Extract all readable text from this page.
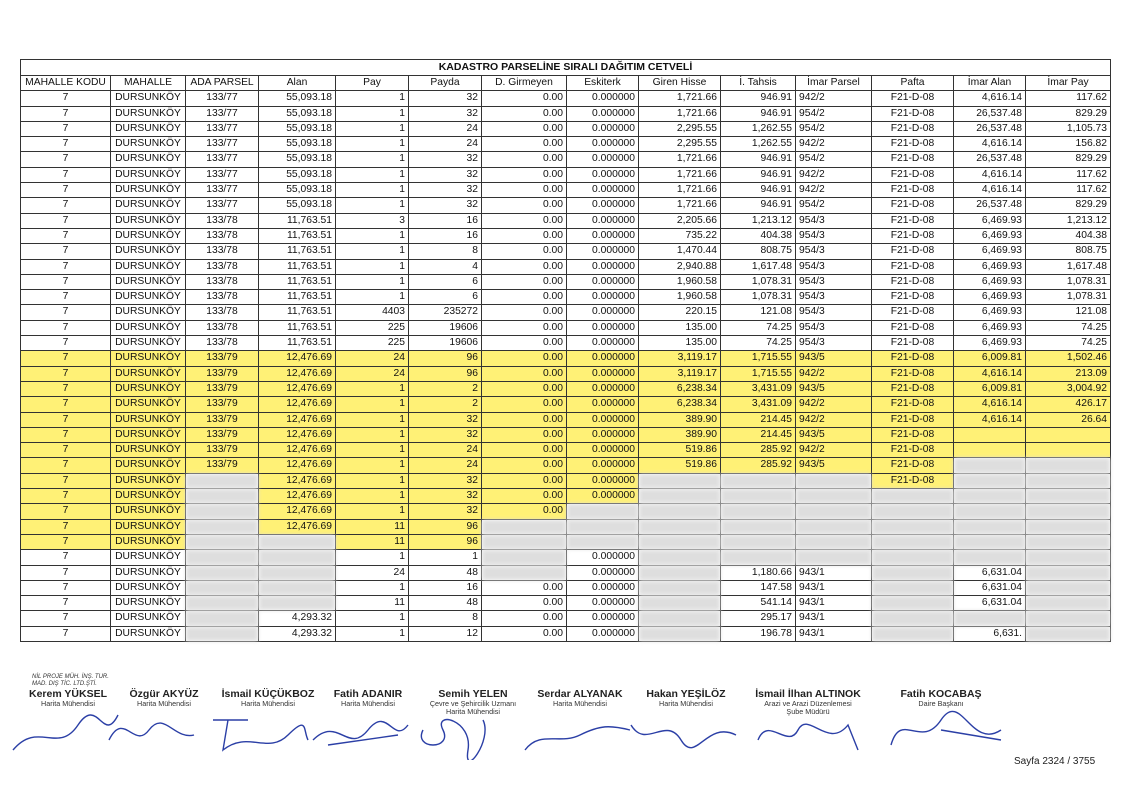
KADASTRO PARSELİNE SIRALI DAĞITIM CETVELİ
MAHALLE KODU	MAHALLE	ADA PARSEL	Alan	Pay	Payda	D. Girmeyen	Eskiterk	Giren Hisse	İ. Tahsis	İmar Parsel	Pafta	İmar Alan	İmar Pay
7	DURSUNKÖY	133/77	55,093.18	1	32	0.00	0.000000	1,721.66	946.91	942/2	F21-D-08	4,616.14	117.62
7	DURSUNKÖY	133/77	55,093.18	1	32	0.00	0.000000	1,721.66	946.91	954/2	F21-D-08	26,537.48	829.29
7	DURSUNKÖY	133/77	55,093.18	1	24	0.00	0.000000	2,295.55	1,262.55	954/2	F21-D-08	26,537.48	1,105.73
7	DURSUNKÖY	133/77	55,093.18	1	24	0.00	0.000000	2,295.55	1,262.55	942/2	F21-D-08	4,616.14	156.82
7	DURSUNKÖY	133/77	55,093.18	1	32	0.00	0.000000	1,721.66	946.91	954/2	F21-D-08	26,537.48	829.29
7	DURSUNKÖY	133/77	55,093.18	1	32	0.00	0.000000	1,721.66	946.91	942/2	F21-D-08	4,616.14	117.62
7	DURSUNKÖY	133/77	55,093.18	1	32	0.00	0.000000	1,721.66	946.91	942/2	F21-D-08	4,616.14	117.62
7	DURSUNKÖY	133/77	55,093.18	1	32	0.00	0.000000	1,721.66	946.91	954/2	F21-D-08	26,537.48	829.29
7	DURSUNKÖY	133/78	11,763.51	3	16	0.00	0.000000	2,205.66	1,213.12	954/3	F21-D-08	6,469.93	1,213.12
7	DURSUNKÖY	133/78	11,763.51	1	16	0.00	0.000000	735.22	404.38	954/3	F21-D-08	6,469.93	404.38
7	DURSUNKÖY	133/78	11,763.51	1	8	0.00	0.000000	1,470.44	808.75	954/3	F21-D-08	6,469.93	808.75
7	DURSUNKÖY	133/78	11,763.51	1	4	0.00	0.000000	2,940.88	1,617.48	954/3	F21-D-08	6,469.93	1,617.48
7	DURSUNKÖY	133/78	11,763.51	1	6	0.00	0.000000	1,960.58	1,078.31	954/3	F21-D-08	6,469.93	1,078.31
7	DURSUNKÖY	133/78	11,763.51	1	6	0.00	0.000000	1,960.58	1,078.31	954/3	F21-D-08	6,469.93	1,078.31
7	DURSUNKÖY	133/78	11,763.51	4403	235272	0.00	0.000000	220.15	121.08	954/3	F21-D-08	6,469.93	121.08
7	DURSUNKÖY	133/78	11,763.51	225	19606	0.00	0.000000	135.00	74.25	954/3	F21-D-08	6,469.93	74.25
7	DURSUNKÖY	133/78	11,763.51	225	19606	0.00	0.000000	135.00	74.25	954/3	F21-D-08	6,469.93	74.25
7	DURSUNKÖY	133/79	12,476.69	24	96	0.00	0.000000	3,119.17	1,715.55	943/5	F21-D-08	6,009.81	1,502.46
7	DURSUNKÖY	133/79	12,476.69	24	96	0.00	0.000000	3,119.17	1,715.55	942/2	F21-D-08	4,616.14	213.09
7	DURSUNKÖY	133/79	12,476.69	1	2	0.00	0.000000	6,238.34	3,431.09	943/5	F21-D-08	6,009.81	3,004.92
7	DURSUNKÖY	133/79	12,476.69	1	2	0.00	0.000000	6,238.34	3,431.09	942/2	F21-D-08	4,616.14	426.17
7	DURSUNKÖY	133/79	12,476.69	1	32	0.00	0.000000	389.90	214.45	942/2	F21-D-08	4,616.14	26.64
7	DURSUNKÖY	133/79	12,476.69	1	32	0.00	0.000000	389.90	214.45	943/5	F21-D-08		
7	DURSUNKÖY	133/79	12,476.69	1	24	0.00	0.000000	519.86	285.92	942/2	F21-D-08		
7	DURSUNKÖY	133/79	12,476.69	1	24	0.00	0.000000	519.86	285.92	943/5	F21-D-08		
7	DURSUNKÖY		12,476.69	1	32	0.00	0.000000				F21-D-08		
7	DURSUNKÖY		12,476.69	1	32	0.00	0.000000						
7	DURSUNKÖY		12,476.69	1	32	0.00							
7	DURSUNKÖY		12,476.69	11	96								
7	DURSUNKÖY			11	96								
7	DURSUNKÖY			1	1		0.000000						
7	DURSUNKÖY			24	48		0.000000		1,180.66	943/1		6,631.04	
7	DURSUNKÖY			1	16	0.00	0.000000		147.58	943/1		6,631.04	
7	DURSUNKÖY			11	48	0.00	0.000000		541.14	943/1		6,631.04	
7	DURSUNKÖY		4,293.32	1	8	0.00	0.000000		295.17	943/1			
7	DURSUNKÖY		4,293.32	1	12	0.00	0.000000		196.78	943/1		6,631.	
NİL PROJE MÜH. İNŞ. TUR.
MAD. DIŞ TİC. LTD.ŞTİ.
Kerem YÜKSEL
Harita Mühendisi
Özgür AKYÜZ
Harita Mühendisi
İsmail KÜÇÜKBOZ
Harita Mühendisi
Fatih ADANIR
Harita Mühendisi
Semih YELEN
Çevre ve Şehircilik Uzmanı
Harita Mühendisi
Serdar ALYANAK
Harita Mühendisi
Hakan YEŞİLÖZ
Harita Mühendisi
İsmail İlhan ALTINOK
Arazi ve Arazi Düzenlemesi
Şube Müdürü
Fatih KOCABAŞ
Daire Başkanı
Sayfa 2324 / 3755
